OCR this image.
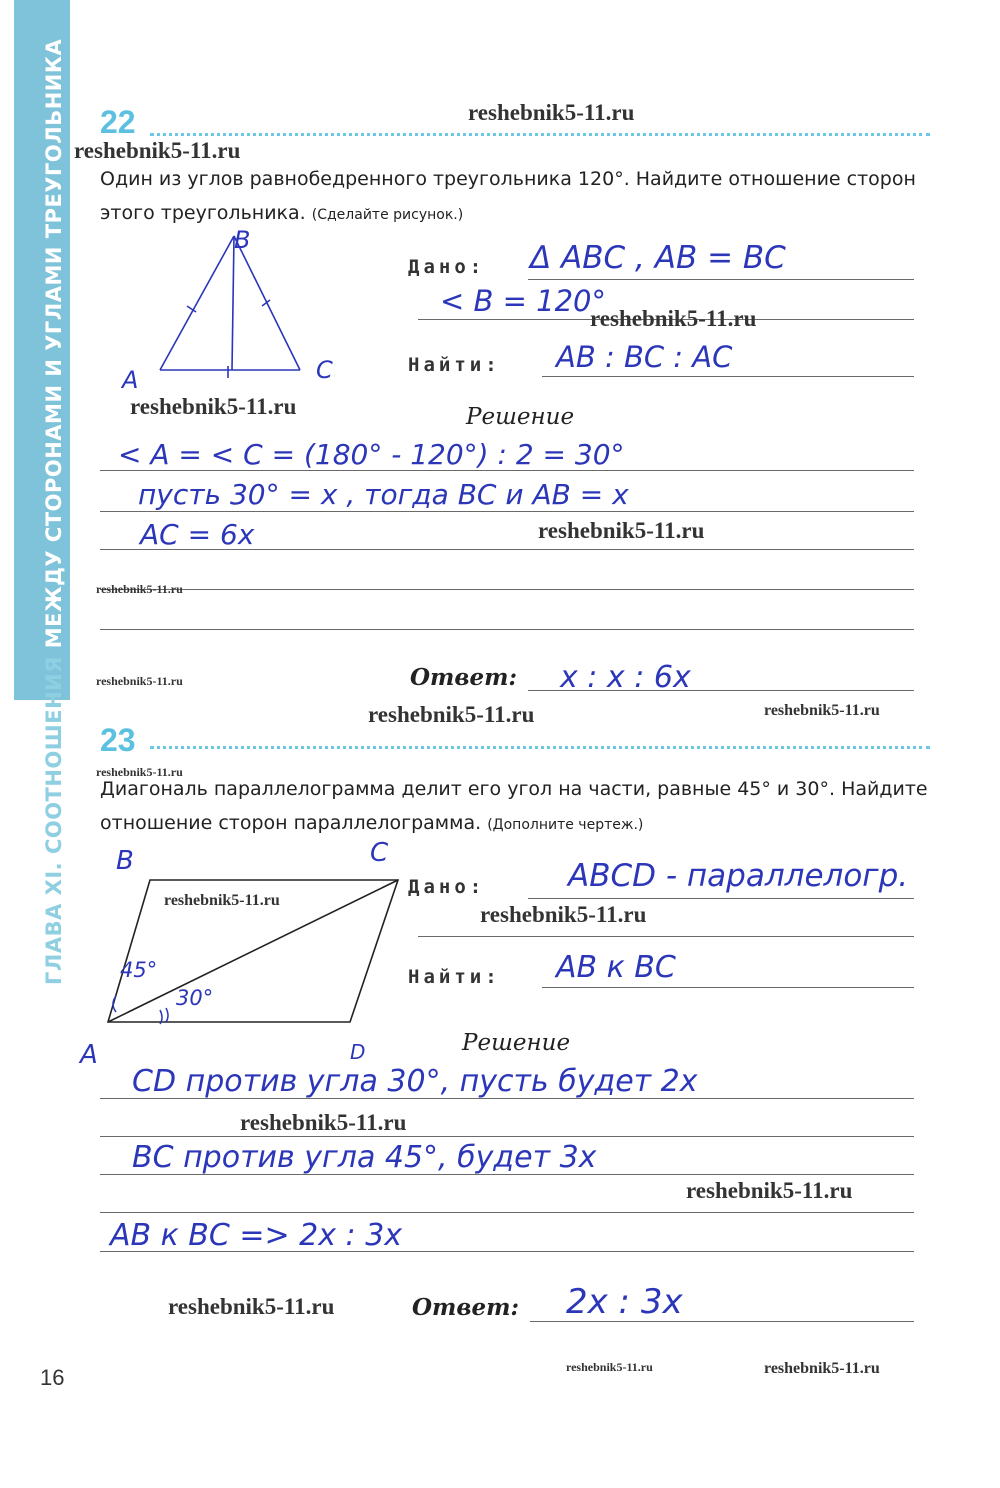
ГЛАВА XI. СООТНОШЕНИЯ МЕЖДУ СТОРОНАМИ И УГЛАМИ ТРЕУГОЛЬНИКА 22
Один из углов равнобедренного треугольника 120°. Найдите отношение сторон этого треугольника. (Сделайте рисунок.)
B
A	C
Дано: Δ ABC , AB = BC
< B = 120°
Найти: AB : BC : AC
Решение
< A = < C = (180° - 120°) : 2 = 30°
пусть 30° = x , тогда BC и AB = x
AC = 6x
Ответ: x : x : 6x
23
Диагональ параллелограмма делит его угол на части, равные 45° и 30°. Найдите отношение сторон параллелограмма. (Дополните чертеж.)
B	C
A	D
45°
30°
Дано:	ABCD - параллелогр.
Найти: AB к BC
Решение
CD против угла 30°, пусть будет 2x
BC против угла 45°, будет 3x
AB к BC => 2x : 3x
Ответ: 2x : 3x
reshebnik5-11.ru
reshebnik5-11.ru
reshebnik5-11.ru
reshebnik5-11.ru
reshebnik5-11.ru
reshebnik5-11.ru
reshebnik5-11.ru
reshebnik5-11.ru	reshebnik5-11.ru
reshebnik5-11.ru
reshebnik5-11.ru
reshebnik5-11.ru
reshebnik5-11.ru
reshebnik5-11.ru
reshebnik5-11.ru
reshebnik5-11.ru	reshebnik5-11.ru
16
